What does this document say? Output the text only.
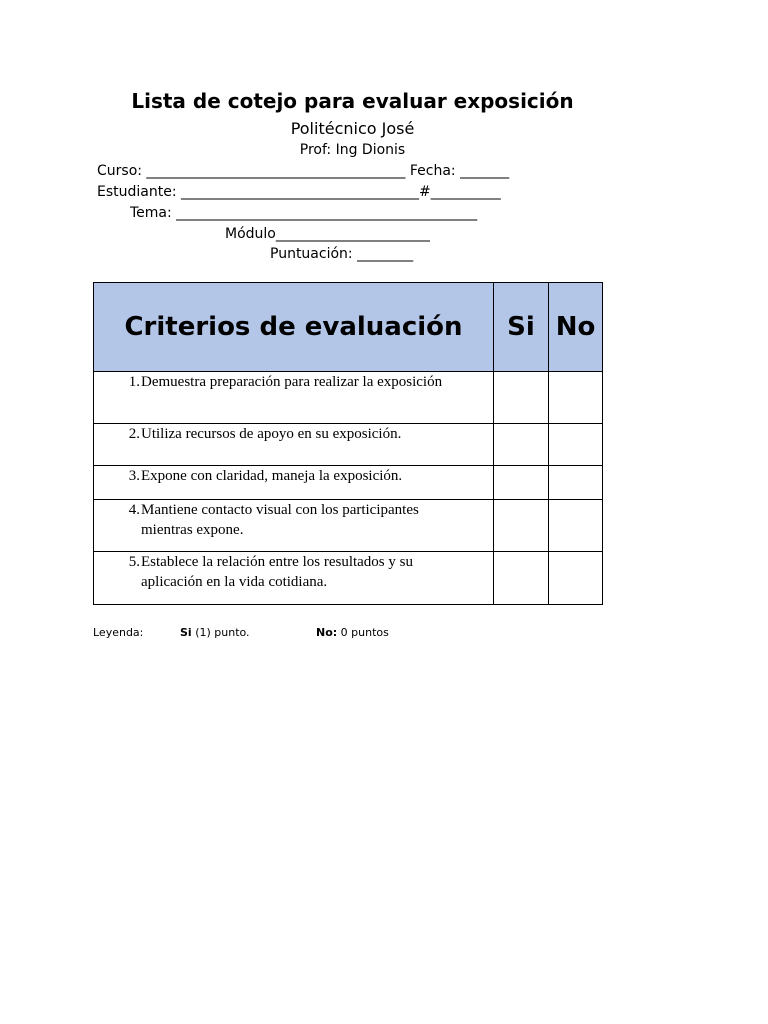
Lista de cotejo para evaluar exposición
Politécnico José
Prof: Ing Dionis
Curso: _____________________________________ Fecha: _______
Estudiante: __________________________________#__________
Tema: ___________________________________________
Módulo______________________
Puntuación: ________
Criterios de evaluación	Si	No

1. Demuestra preparación para realizar la exposición		

2. Utiliza recursos de apoyo en su exposición.		

3. Expone con claridad, maneja la exposición.		

4. Mantiene contacto visual con los participantes
mientras expone.		

5. Establece la relación entre los resultados y su
aplicación en la vida cotidiana.		

Leyenda:

	Si (1) punto.

	No: 0 puntos
